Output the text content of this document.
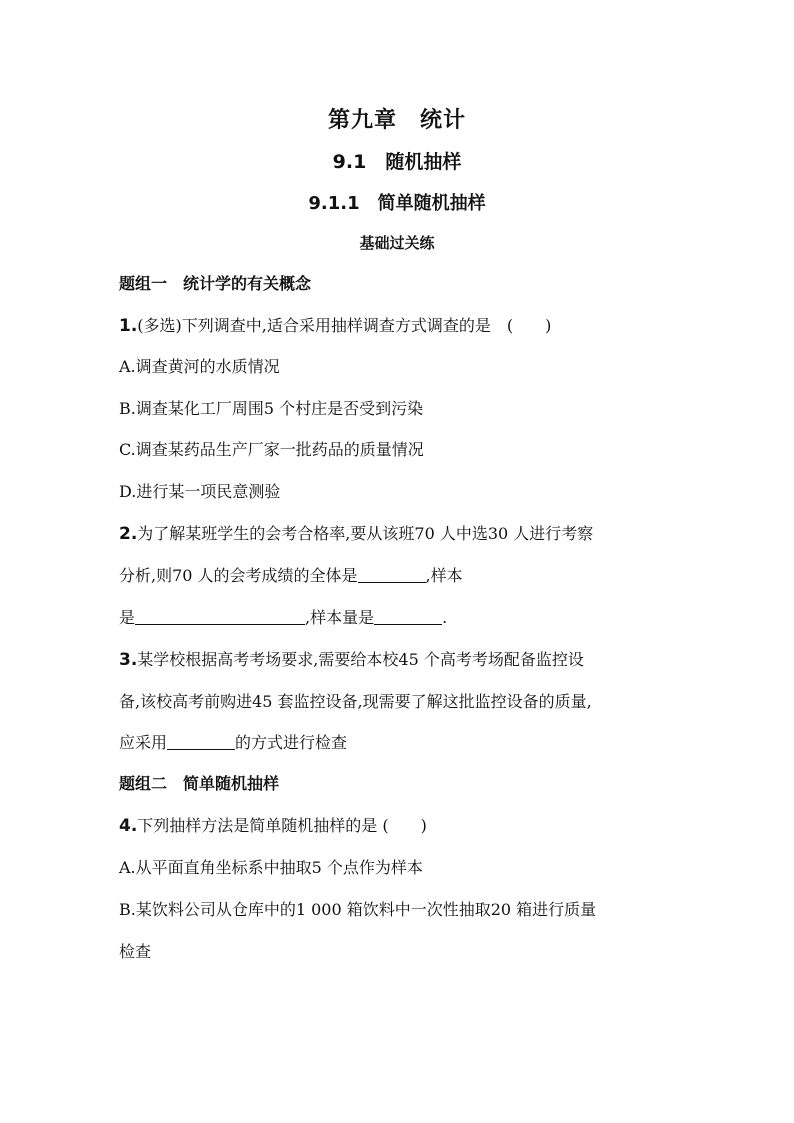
第九章　统计
9.1　随机抽样
9.1.1　简单随机抽样
基础过关练
题组一　统计学的有关概念
1.(多选)下列调查中,适合采用抽样调查方式调查的是　(　　)
A.调查黄河的水质情况
B.调查某化工厂周围5 个村庄是否受到污染
C.调查某药品生产厂家一批药品的质量情况
D.进行某一项民意测验
2.为了解某班学生的会考合格率,要从该班70 人中选30 人进行考察
分析,则70 人的会考成绩的全体是	,样本
是	,样本量是	.
3.某学校根据高考考场要求,需要给本校45 个高考考场配备监控设
备,该校高考前购进45 套监控设备,现需要了解这批监控设备的质量,
应采用	的方式进行检查
题组二　简单随机抽样
4.下列抽样方法是简单随机抽样的是 (　　)
A.从平面直角坐标系中抽取5 个点作为样本
B.某饮料公司从仓库中的1 000 箱饮料中一次性抽取20 箱进行质量
检查
